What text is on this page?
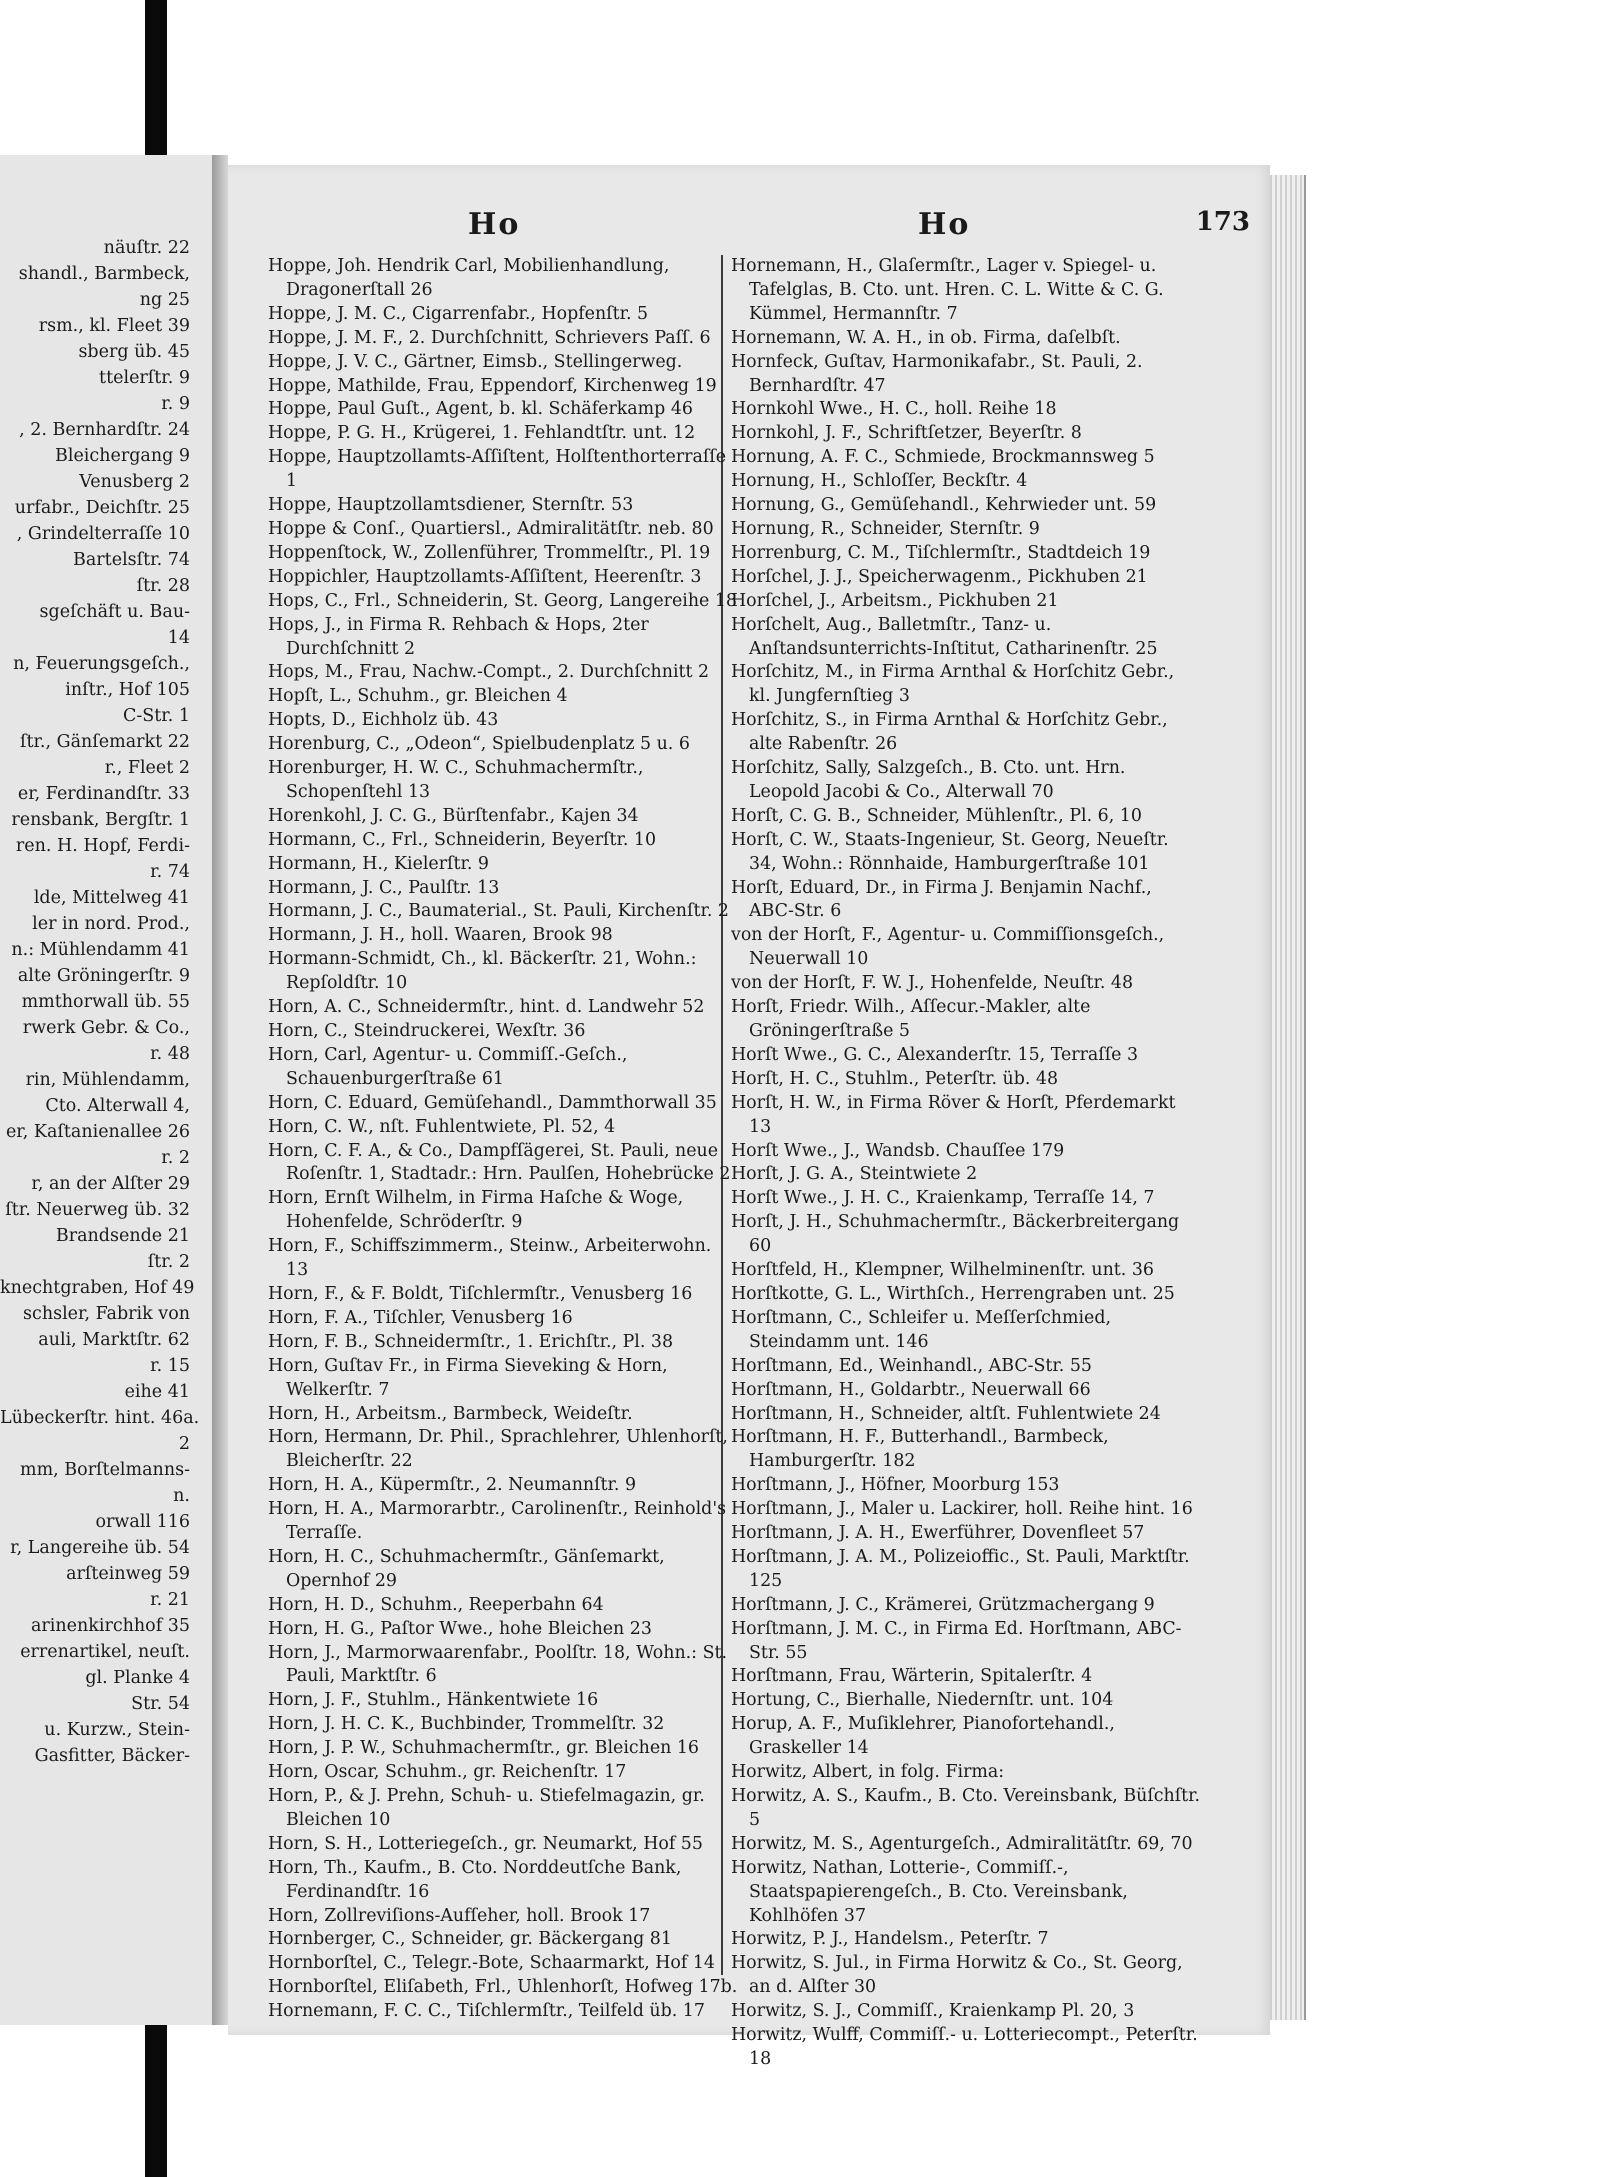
näuſtr. 22
shandl., Barmbeck,
ng 25
rsm., kl. Fleet 39
sberg üb. 45
ttelerſtr. 9
r. 9
, 2. Bernhardſtr. 24
Bleichergang 9
Venusberg 2
urfabr., Deichſtr. 25
, Grindelterraſſe 10
Bartelsſtr. 74
ſtr. 28
sgeſchäft u. Bau-
14
n, Feuerungsgeſch.,
inſtr., Hof 105
C-Str. 1
ſtr., Gänſemarkt 22
r., Fleet 2
er, Ferdinandſtr. 33
rensbank, Bergſtr. 1
ren. H. Hopf, Ferdi-
r. 74
lde, Mittelweg 41
ler in nord. Prod.,
n.: Mühlendamm 41
alte Gröningerſtr. 9
mmthorwall üb. 55
rwerk Gebr. & Co.,
r. 48
rin, Mühlendamm,
Cto. Alterwall 4,
er, Kaſtanienallee 26
r. 2
r, an der Alſter 29
ſtr. Neuerweg üb. 32
Brandsende 21
ſtr. 2
knechtgraben, Hof 49
schsler, Fabrik von
auli, Marktſtr. 62
r. 15
eihe 41
Lübeckerſtr. hint. 46a.
2
mm, Borſtelmanns-
n.
orwall 116
r, Langereihe üb. 54
arſteinweg 59
r. 21
arinenkirchhof 35
errenartikel, neuſt.
gl. Planke 4
Str. 54
u. Kurzw., Stein-
Gasfitter, Bäcker-
Ho	Ho	173
Hoppe, Joh. Hendrik Carl, Mobilienhandlung, Dragonerſtall 26
Hoppe, J. M. C., Cigarrenfabr., Hopfenſtr. 5
Hoppe, J. M. F., 2. Durchſchnitt, Schrievers Paſſ. 6
Hoppe, J. V. C., Gärtner, Eimsb., Stellingerweg.
Hoppe, Mathilde, Frau, Eppendorf, Kirchenweg 19
Hoppe, Paul Guſt., Agent, b. kl. Schäferkamp 46
Hoppe, P. G. H., Krügerei, 1. Fehlandtſtr. unt. 12
Hoppe, Hauptzollamts-Aſſiſtent, Holſtenthorterraſſe 1
Hoppe, Hauptzollamtsdiener, Sternſtr. 53
Hoppe & Conſ., Quartiersl., Admiralitätſtr. neb. 80
Hoppenſtock, W., Zollenführer, Trommelſtr., Pl. 19
Hoppichler, Hauptzollamts-Aſſiſtent, Heerenſtr. 3
Hops, C., Frl., Schneiderin, St. Georg, Langereihe 18
Hops, J., in Firma R. Rehbach & Hops, 2ter Durchſchnitt 2
Hops, M., Frau, Nachw.-Compt., 2. Durchſchnitt 2
Hopſt, L., Schuhm., gr. Bleichen 4
Hopts, D., Eichholz üb. 43
Horenburg, C., „Odeon“, Spielbudenplatz 5 u. 6
Horenburger, H. W. C., Schuhmachermſtr., Schopenſtehl 13
Horenkohl, J. C. G., Bürſtenfabr., Kajen 34
Hormann, C., Frl., Schneiderin, Beyerſtr. 10
Hormann, H., Kielerſtr. 9
Hormann, J. C., Paulſtr. 13
Hormann, J. C., Baumaterial., St. Pauli, Kirchenſtr. 2
Hormann, J. H., holl. Waaren, Brook 98
Hormann-Schmidt, Ch., kl. Bäckerſtr. 21, Wohn.: Repſoldſtr. 10
Horn, A. C., Schneidermſtr., hint. d. Landwehr 52
Horn, C., Steindruckerei, Wexſtr. 36
Horn, Carl, Agentur- u. Commiſſ.-Geſch., Schauenburgerſtraße 61
Horn, C. Eduard, Gemüſehandl., Dammthorwall 35
Horn, C. W., nſt. Fuhlentwiete, Pl. 52, 4
Horn, C. F. A., & Co., Dampfſägerei, St. Pauli, neue Roſenſtr. 1, Stadtadr.: Hrn. Paulſen, Hohebrücke 2
Horn, Ernſt Wilhelm, in Firma Haſche & Woge, Hohenfelde, Schröderſtr. 9
Horn, F., Schiffszimmerm., Steinw., Arbeiterwohn. 13
Horn, F., & F. Boldt, Tiſchlermſtr., Venusberg 16
Horn, F. A., Tiſchler, Venusberg 16
Horn, F. B., Schneidermſtr., 1. Erichſtr., Pl. 38
Horn, Guſtav Fr., in Firma Sieveking & Horn, Welkerſtr. 7
Horn, H., Arbeitsm., Barmbeck, Weideſtr.
Horn, Hermann, Dr. Phil., Sprachlehrer, Uhlenhorſt, Bleicherſtr. 22
Horn, H. A., Küpermſtr., 2. Neumannſtr. 9
Horn, H. A., Marmorarbtr., Carolinenſtr., Reinhold's Terraſſe.
Horn, H. C., Schuhmachermſtr., Gänſemarkt, Opernhof 29
Horn, H. D., Schuhm., Reeperbahn 64
Horn, H. G., Paſtor Wwe., hohe Bleichen 23
Horn, J., Marmorwaarenfabr., Poolſtr. 18, Wohn.: St. Pauli, Marktſtr. 6
Horn, J. F., Stuhlm., Hänkentwiete 16
Horn, J. H. C. K., Buchbinder, Trommelſtr. 32
Horn, J. P. W., Schuhmachermſtr., gr. Bleichen 16
Horn, Oscar, Schuhm., gr. Reichenſtr. 17
Horn, P., & J. Prehn, Schuh- u. Stiefelmagazin, gr. Bleichen 10
Horn, S. H., Lotteriegeſch., gr. Neumarkt, Hof 55
Horn, Th., Kaufm., B. Cto. Norddeutſche Bank, Ferdinandſtr. 16
Horn, Zollreviſions-Aufſeher, holl. Brook 17
Hornberger, C., Schneider, gr. Bäckergang 81
Hornborſtel, C., Telegr.-Bote, Schaarmarkt, Hof 14
Hornborſtel, Eliſabeth, Frl., Uhlenhorſt, Hofweg 17b.
Hornemann, F. C. C., Tiſchlermſtr., Teilfeld üb. 17
Hornemann, H., Glaſermſtr., Lager v. Spiegel- u. Tafelglas, B. Cto. unt. Hren. C. L. Witte & C. G. Kümmel, Hermannſtr. 7
Hornemann, W. A. H., in ob. Firma, daſelbſt.
Hornfeck, Guſtav, Harmonikafabr., St. Pauli, 2. Bernhardſtr. 47
Hornkohl Wwe., H. C., holl. Reihe 18
Hornkohl, J. F., Schriftſetzer, Beyerſtr. 8
Hornung, A. F. C., Schmiede, Brockmannsweg 5
Hornung, H., Schloſſer, Beckſtr. 4
Hornung, G., Gemüſehandl., Kehrwieder unt. 59
Hornung, R., Schneider, Sternſtr. 9
Horrenburg, C. M., Tiſchlermſtr., Stadtdeich 19
Horſchel, J. J., Speicherwagenm., Pickhuben 21
Horſchel, J., Arbeitsm., Pickhuben 21
Horſchelt, Aug., Balletmſtr., Tanz- u. Anſtandsunterrichts-Inſtitut, Catharinenſtr. 25
Horſchitz, M., in Firma Arnthal & Horſchitz Gebr., kl. Jungfernſtieg 3
Horſchitz, S., in Firma Arnthal & Horſchitz Gebr., alte Rabenſtr. 26
Horſchitz, Sally, Salzgeſch., B. Cto. unt. Hrn. Leopold Jacobi & Co., Alterwall 70
Horſt, C. G. B., Schneider, Mühlenſtr., Pl. 6, 10
Horſt, C. W., Staats-Ingenieur, St. Georg, Neueſtr. 34, Wohn.: Rönnhaide, Hamburgerſtraße 101
Horſt, Eduard, Dr., in Firma J. Benjamin Nachf., ABC-Str. 6
von der Horſt, F., Agentur- u. Commiſſionsgeſch., Neuerwall 10
von der Horſt, F. W. J., Hohenfelde, Neuſtr. 48
Horſt, Friedr. Wilh., Aſſecur.-Makler, alte Gröningerſtraße 5
Horſt Wwe., G. C., Alexanderſtr. 15, Terraſſe 3
Horſt, H. C., Stuhlm., Peterſtr. üb. 48
Horſt, H. W., in Firma Röver & Horſt, Pferdemarkt 13
Horſt Wwe., J., Wandsb. Chauſſee 179
Horſt, J. G. A., Steintwiete 2
Horſt Wwe., J. H. C., Kraienkamp, Terraſſe 14, 7
Horſt, J. H., Schuhmachermſtr., Bäckerbreitergang 60
Horſtfeld, H., Klempner, Wilhelminenſtr. unt. 36
Horſtkotte, G. L., Wirthſch., Herrengraben unt. 25
Horſtmann, C., Schleifer u. Meſſerſchmied, Steindamm unt. 146
Horſtmann, Ed., Weinhandl., ABC-Str. 55
Horſtmann, H., Goldarbtr., Neuerwall 66
Horſtmann, H., Schneider, altſt. Fuhlentwiete 24
Horſtmann, H. F., Butterhandl., Barmbeck, Hamburgerſtr. 182
Horſtmann, J., Höfner, Moorburg 153
Horſtmann, J., Maler u. Lackirer, holl. Reihe hint. 16
Horſtmann, J. A. H., Ewerführer, Dovenfleet 57
Horſtmann, J. A. M., Polizeioffic., St. Pauli, Marktſtr. 125
Horſtmann, J. C., Krämerei, Grützmachergang 9
Horſtmann, J. M. C., in Firma Ed. Horſtmann, ABC-Str. 55
Horſtmann, Frau, Wärterin, Spitalerſtr. 4
Hortung, C., Bierhalle, Niedernſtr. unt. 104
Horup, A. F., Muſiklehrer, Pianofortehandl., Graskeller 14
Horwitz, Albert, in folg. Firma:
Horwitz, A. S., Kaufm., B. Cto. Vereinsbank, Büſchſtr. 5
Horwitz, M. S., Agenturgeſch., Admiralitätſtr. 69, 70
Horwitz, Nathan, Lotterie-, Commiſſ.-, Staatspapierengeſch., B. Cto. Vereinsbank, Kohlhöfen 37
Horwitz, P. J., Handelsm., Peterſtr. 7
Horwitz, S. Jul., in Firma Horwitz & Co., St. Georg, an d. Alſter 30
Horwitz, S. J., Commiſſ., Kraienkamp Pl. 20, 3
Horwitz, Wulff, Commiſſ.- u. Lotteriecompt., Peterſtr. 18
